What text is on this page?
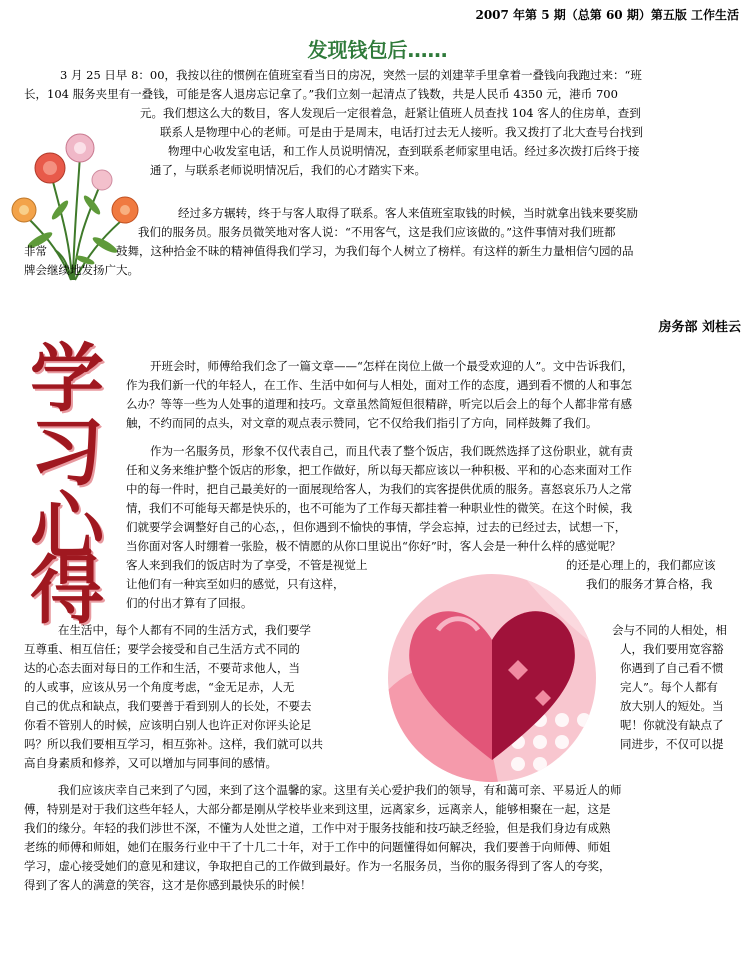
2007 年第 5 期（总第 60 期）第五版 工作生活
发现钱包后……
3 月 25 日早 8：00，我按以往的惯例在值班室看当日的房况，突然一层的刘建苹手里拿着一叠钱向我跑过来：“班
长，104 服务夹里有一叠钱，可能是客人退房忘记拿了。”我们立刻一起清点了钱数，共是人民币 4350 元，港币 700
元。我们想这么大的数目，客人发现后一定很着急，赶紧让值班人员查找 104 客人的住房单，查到
联系人是物理中心的老师。可是由于是周末，电话打过去无人接听。我又拨打了北大查号台找到
物理中心收发室电话，和工作人员说明情况，查到联系老师家里电话。经过多次拨打后终于接
通了，与联系老师说明情况后，我们的心才踏实下来。
经过多方辗转，终于与客人取得了联系。客人来值班室取钱的时候，当时就拿出钱来要奖励
我们的服务员。服务员微笑地对客人说：“不用客气，这是我们应该做的。”这件事情对我们班都
非常	鼓舞，这种拾金不昧的精神值得我们学习，为我们每个人树立了榜样。有这样的新生力量相信勺园的品
牌会继续地发扬广大。
房务部 刘桂云
学
习
心
得
开班会时，师傅给我们念了一篇文章——“怎样在岗位上做一个最受欢迎的人”。文中告诉我们，
作为我们新一代的年轻人，在工作、生活中如何与人相处，面对工作的态度，遇到看不惯的人和事怎
么办？等等一些为人处事的道理和技巧。文章虽然简短但很精辟，听完以后会上的每个人都非常有感
触，不约而同的点头，对文章的观点表示赞同，它不仅给我们指引了方向，同样鼓舞了我们。
作为一名服务员，形象不仅代表自己，而且代表了整个饭店，我们既然选择了这份职业，就有责
任和义务来维护整个饭店的形象，把工作做好，所以每天都应该以一种积极、平和的心态来面对工作
中的每一件时，把自己最美好的一面展现给客人，为我们的宾客提供优质的服务。喜怒哀乐乃人之常
情，我们不可能每天都是快乐的，也不可能为了工作每天都挂着一种职业性的微笑。在这个时候，我
们就要学会调整好自己的心态，，但你遇到不愉快的事情，学会忘掉，过去的已经过去，试想一下，
当你面对客人时绷着一张脸，极不情愿的从你口里说出“你好”时，客人会是一种什么样的感觉呢？
客人来到我们的饭店时为了享受，不管是视觉上	的还是心理上的，我们都应该
让他们有一种宾至如归的感觉，只有这样，	我们的服务才算合格，我
们的付出才算有了回报。
在生活中，每个人都有不同的生活方式，我们要学	会与不同的人相处，相
互尊重、相互信任；要学会接受和自己生活方式不同的	人，我们要用宽容豁
达的心态去面对每日的工作和生活，不要苛求他人，当	你遇到了自己看不惯
的人或事，应该从另一个角度考虑，“金无足赤，人无	完人”。每个人都有
自己的优点和缺点，我们要善于看到别人的长处，不要去	放大别人的短处。当
你看不管别人的时候，应该明白别人也许正对你评头论足	呢！你就没有缺点了
吗？所以我们要相互学习，相互弥补。这样，我们就可以共	同进步，不仅可以提
高自身素质和修养，又可以增加与同事间的感情。
我们应该庆幸自己来到了勺园，来到了这个温馨的家。这里有关心爱护我们的领导，有和蔼可亲、平易近人的师
傅，特别是对于我们这些年轻人，大部分都是刚从学校毕业来到这里，远离家乡，远离亲人，能够相聚在一起，这是
我们的缘分。年轻的我们涉世不深，不懂为人处世之道，工作中对于服务技能和技巧缺乏经验，但是我们身边有成熟
老练的师傅和师姐，她们在服务行业中干了十几二十年，对于工作中的问题懂得如何解决，我们要善于向师傅、师姐
学习，虚心接受她们的意见和建议，争取把自己的工作做到最好。作为一名服务员，当你的服务得到了客人的夸奖，
得到了客人的满意的笑容，这才是你感到最快乐的时候！
